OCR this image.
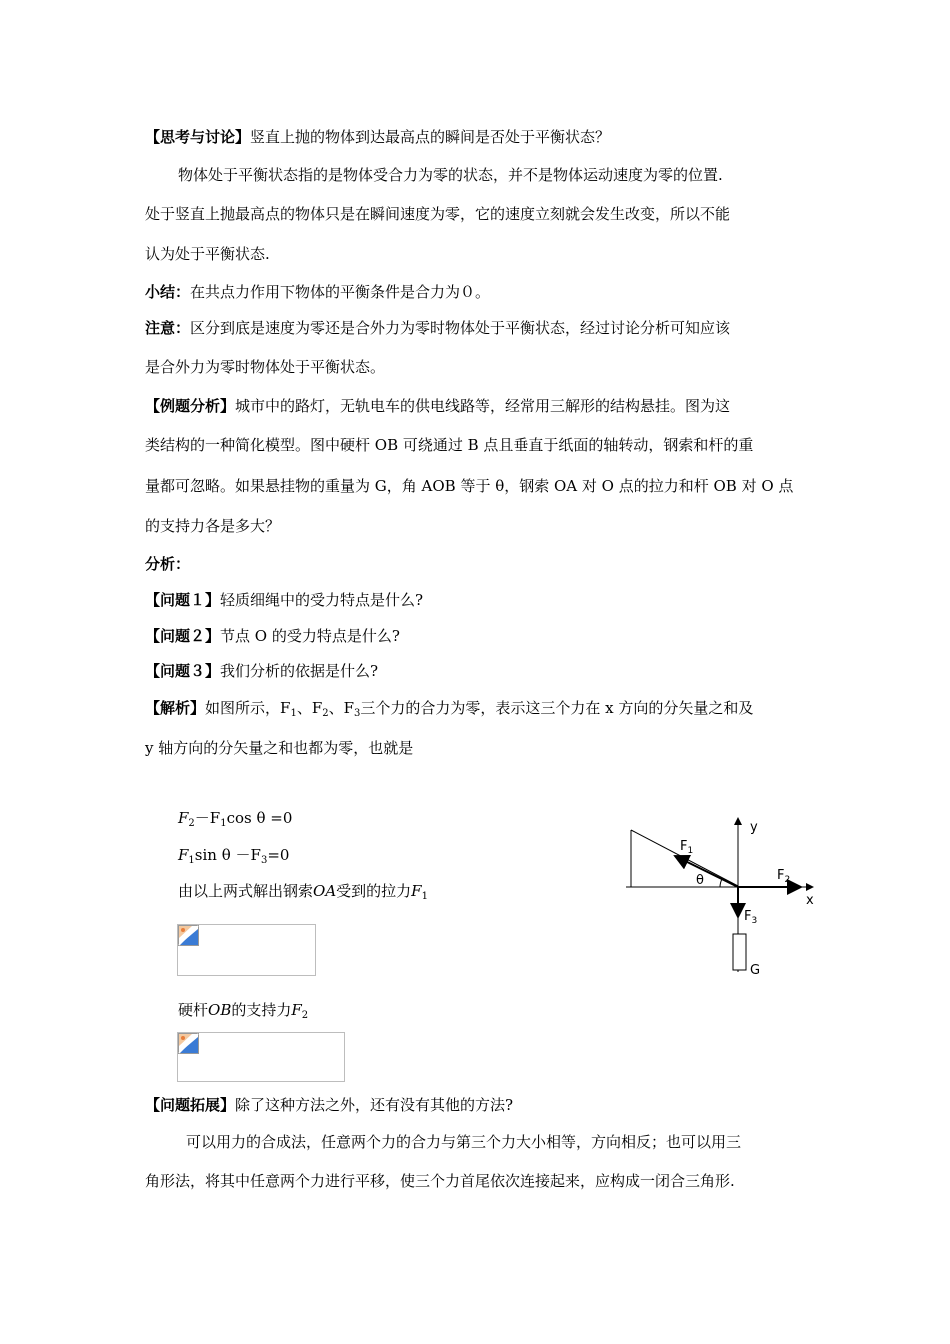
【思考与讨论】竖直上抛的物体到达最高点的瞬间是否处于平衡状态？
物体处于平衡状态指的是物体受合力为零的状态，并不是物体运动速度为零的位置.
处于竖直上抛最高点的物体只是在瞬间速度为零，它的速度立刻就会发生改变，所以不能
认为处于平衡状态.
小结：在共点力作用下物体的平衡条件是合力为０。
注意：区分到底是速度为零还是合外力为零时物体处于平衡状态，经过讨论分析可知应该
是合外力为零时物体处于平衡状态。
【例题分析】城市中的路灯，无轨电车的供电线路等，经常用三解形的结构悬挂。图为这
类结构的一种简化模型。图中硬杆 OB 可绕通过 B 点且垂直于纸面的轴转动，钢索和杆的重
量都可忽略。如果悬挂物的重量为 G，角 AOB 等于 θ，钢索 OA 对 O 点的拉力和杆 OB 对 O 点
的支持力各是多大？
分析：
【问题１】轻质细绳中的受力特点是什么?
【问题２】节点 O 的受力特点是什么?
【问题３】我们分析的依据是什么?
【解析】如图所示，$F_1$、$F_2$、$F_3$三个力的合力为零，表示这三个力在 x 方向的分矢量之和及
y 轴方向的分矢量之和也都为零，也就是
$F_2-F_1\cos$ θ =0
$F_1\sin$ $\theta -F_3=0$
由以上两式解出钢索OA受到的拉力$F_1$
硬杆OB的支持力$F_2$
y
x
$F_1$
$F_2$
$F_3$
θ
G
【问题拓展】除了这种方法之外，还有没有其他的方法?
可以用力的合成法，任意两个力的合力与第三个力大小相等，方向相反；也可以用三
角形法，将其中任意两个力进行平移，使三个力首尾依次连接起来，应构成一闭合三角形.
